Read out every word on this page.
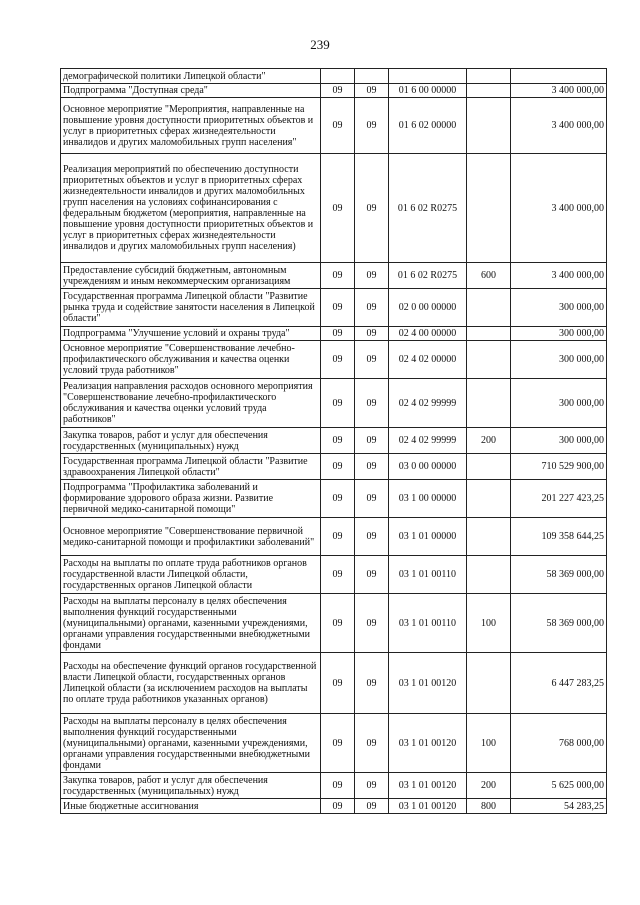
239
демографической политики Липецкой области"					
Подпрограмма "Доступная среда"	09	09	01 6 00 00000		3 400 000,00
Основное мероприятие "Мероприятия, направленные на повышение уровня доступности приоритетных объектов и услуг в приоритетных сферах жизнедеятельности инвалидов и других маломобильных групп населения"	09	09	01 6 02 00000		3 400 000,00
Реализация мероприятий по обеспечению доступности приоритетных объектов и услуг в приоритетных сферах жизнедеятельности инвалидов и других маломобильных групп населения на условиях софинансирования с федеральным бюджетом (мероприятия, направленные на повышение уровня доступности приоритетных объектов и услуг в приоритетных сферах жизнедеятельности инвалидов и других маломобильных групп населения)	09	09	01 6 02 R0275		3 400 000,00
Предоставление субсидий бюджетным, автономным учреждениям и иным некоммерческим организациям	09	09	01 6 02 R0275	600	3 400 000,00
Государственная программа Липецкой области "Развитие рынка труда и содействие занятости населения в Липецкой области"	09	09	02 0 00 00000		300 000,00
Подпрограмма "Улучшение условий и охраны труда"	09	09	02 4 00 00000		300 000,00
Основное мероприятие "Совершенствование лечебно-профилактического обслуживания и качества оценки условий труда работников"	09	09	02 4 02 00000		300 000,00
Реализация направления расходов основного мероприятия "Совершенствование лечебно-профилактического обслуживания и качества оценки условий труда работников"	09	09	02 4 02 99999		300 000,00
Закупка товаров, работ и услуг для обеспечения государственных (муниципальных) нужд	09	09	02 4 02 99999	200	300 000,00
Государственная программа Липецкой области "Развитие здравоохранения Липецкой области"	09	09	03 0 00 00000		710 529 900,00
Подпрограмма "Профилактика заболеваний и формирование здорового образа жизни. Развитие первичной медико-санитарной помощи"	09	09	03 1 00 00000		201 227 423,25
Основное мероприятие "Совершенствование первичной медико-санитарной помощи и профилактики заболеваний"	09	09	03 1 01 00000		109 358 644,25
Расходы на выплаты по оплате труда работников органов государственной власти Липецкой области, государственных органов Липецкой области	09	09	03 1 01 00110		58 369 000,00
Расходы на выплаты персоналу в целях обеспечения выполнения функций государственными (муниципальными) органами, казенными учреждениями, органами управления государственными внебюджетными фондами	09	09	03 1 01 00110	100	58 369 000,00
Расходы на обеспечение функций органов государственной власти Липецкой области, государственных органов Липецкой области (за исключением расходов на выплаты по оплате труда работников указанных органов)	09	09	03 1 01 00120		6 447 283,25
Расходы на выплаты персоналу в целях обеспечения выполнения функций государственными (муниципальными) органами, казенными учреждениями, органами управления государственными внебюджетными фондами	09	09	03 1 01 00120	100	768 000,00
Закупка товаров, работ и услуг для обеспечения государственных (муниципальных) нужд	09	09	03 1 01 00120	200	5 625 000,00
Иные бюджетные ассигнования	09	09	03 1 01 00120	800	54 283,25
